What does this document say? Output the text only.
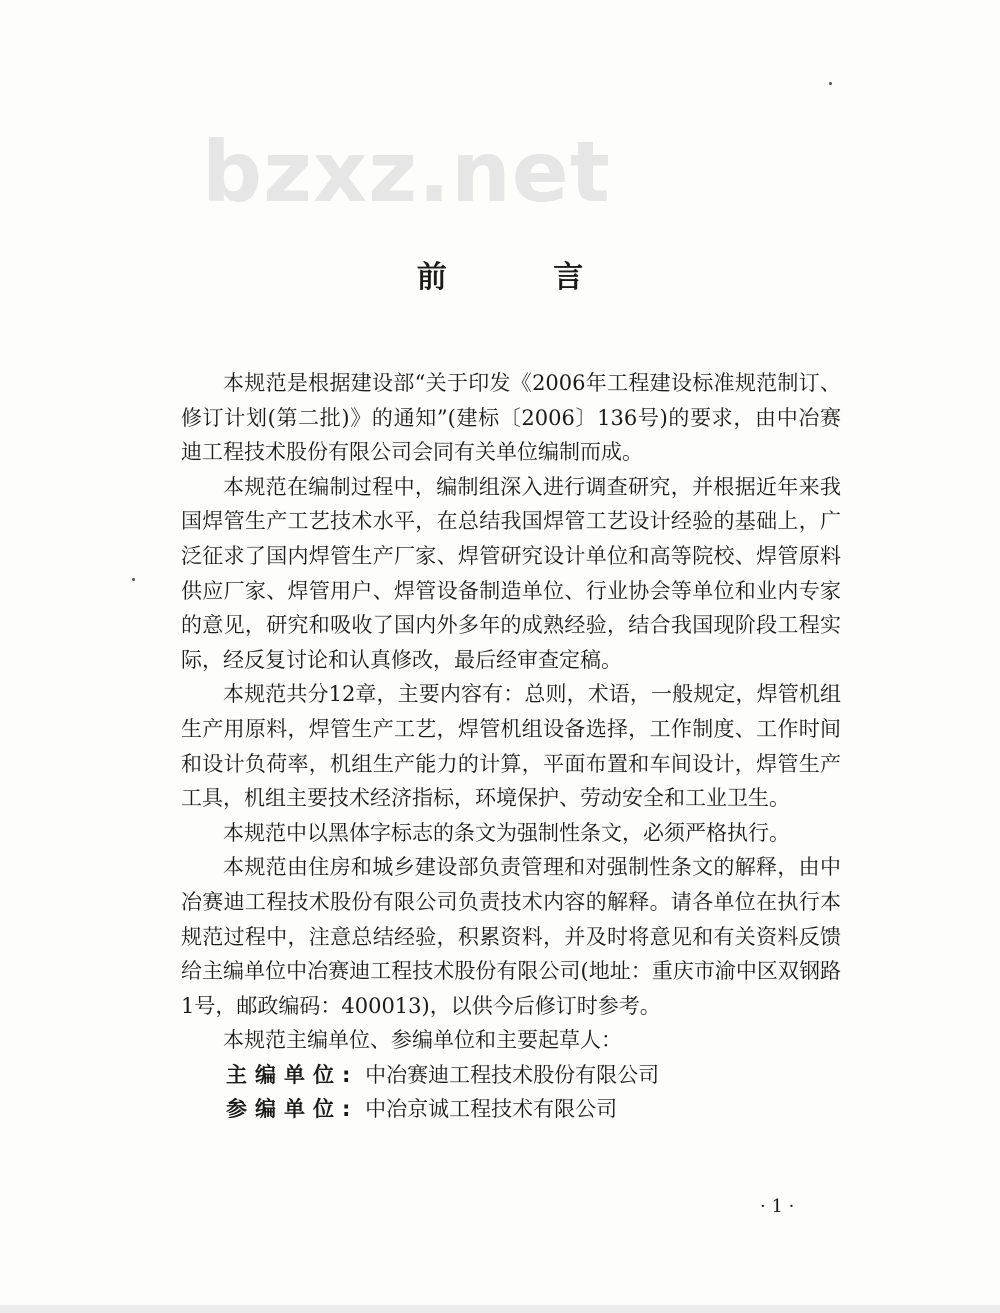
bzxz.net
前 言

本规范是根据建设部“关于印发《2006年工程建设标准规范制订、修订计划(第二批)》的通知”(建标〔2006〕136号)的要求，由中冶赛迪工程技术股份有限公司会同有关单位编制而成。

本规范在编制过程中，编制组深入进行调查研究，并根据近年来我国焊管生产工艺技术水平，在总结我国焊管工艺设计经验的基础上，广泛征求了国内焊管生产厂家、焊管研究设计单位和高等院校、焊管原料供应厂家、焊管用户、焊管设备制造单位、行业协会等单位和业内专家的意见，研究和吸收了国内外多年的成熟经验，结合我国现阶段工程实际，经反复讨论和认真修改，最后经审查定稿。

本规范共分12章，主要内容有：总则，术语，一般规定，焊管机组生产用原料，焊管生产工艺，焊管机组设备选择，工作制度、工作时间和设计负荷率，机组生产能力的计算，平面布置和车间设计，焊管生产工具，机组主要技术经济指标，环境保护、劳动安全和工业卫生。

本规范中以黑体字标志的条文为强制性条文，必须严格执行。

本规范由住房和城乡建设部负责管理和对强制性条文的解释，由中冶赛迪工程技术股份有限公司负责技术内容的解释。请各单位在执行本规范过程中，注意总结经验，积累资料，并及时将意见和有关资料反馈给主编单位中冶赛迪工程技术股份有限公司(地址：重庆市渝中区双钢路1号，邮政编码：400013)，以供今后修订时参考。

本规范主编单位、参编单位和主要起草人：

主编单位: 中冶赛迪工程技术股份有限公司
参编单位: 中冶京诚工程技术有限公司
· 1 ·
